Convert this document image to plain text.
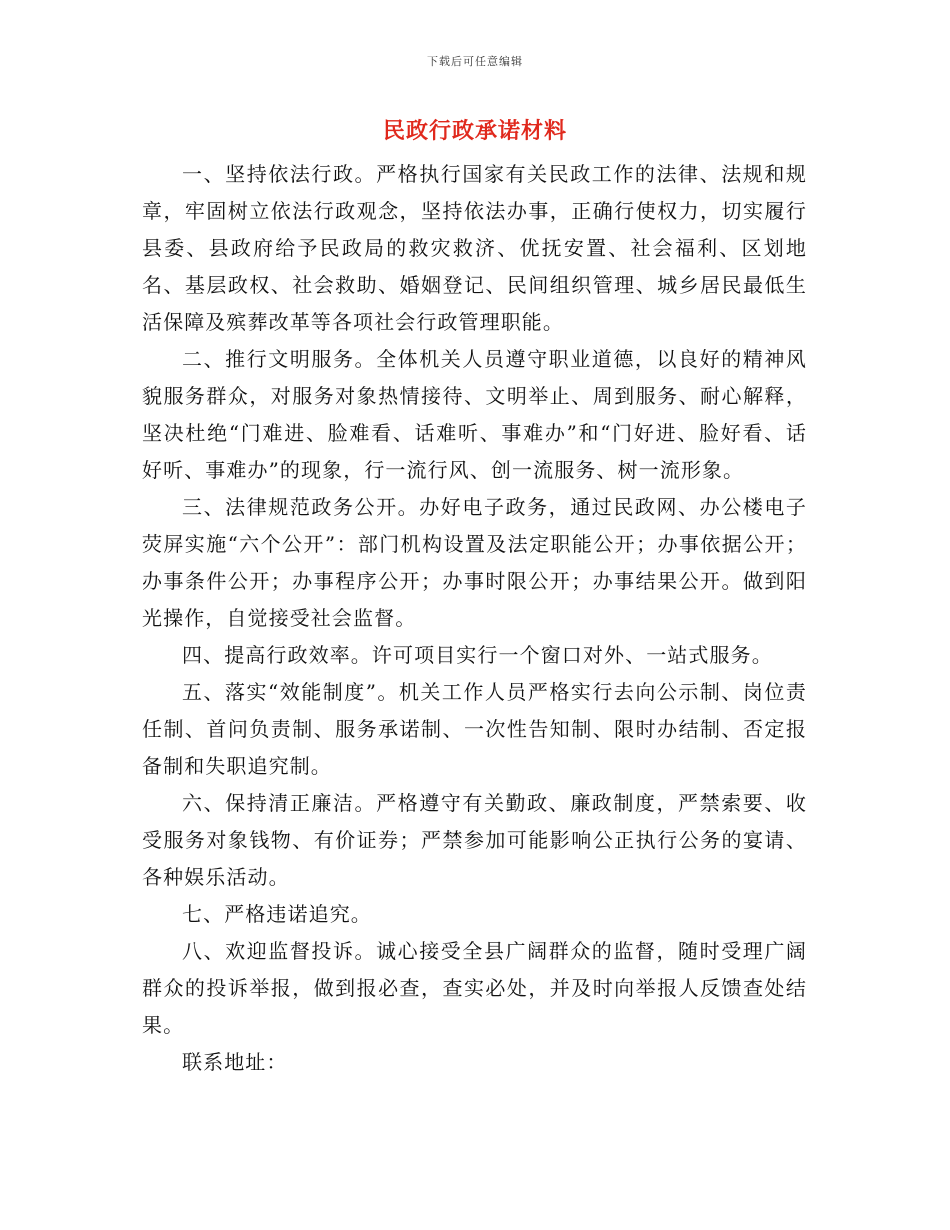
下载后可任意编辑
民政行政承诺材料

一、坚持依法行政。严格执行国家有关民政工作的法律、法规和规章，牢固树立依法行政观念，坚持依法办事，正确行使权力，切实履行县委、县政府给予民政局的救灾救济、优抚安置、社会福利、区划地名、基层政权、社会救助、婚姻登记、民间组织管理、城乡居民最低生活保障及殡葬改革等各项社会行政管理职能。

二、推行文明服务。全体机关人员遵守职业道德，以良好的精神风貌服务群众，对服务对象热情接待、文明举止、周到服务、耐心解释，坚决杜绝“门难进、脸难看、话难听、事难办”和“门好进、脸好看、话好听、事难办”的现象，行一流行风、创一流服务、树一流形象。

三、法律规范政务公开。办好电子政务，通过民政网、办公楼电子荧屏实施“六个公开”：部门机构设置及法定职能公开；办事依据公开；办事条件公开；办事程序公开；办事时限公开；办事结果公开。做到阳光操作，自觉接受社会监督。

四、提高行政效率。许可项目实行一个窗口对外、一站式服务。

五、落实“效能制度”。机关工作人员严格实行去向公示制、岗位责任制、首问负责制、服务承诺制、一次性告知制、限时办结制、否定报备制和失职追究制。

六、保持清正廉洁。严格遵守有关勤政、廉政制度，严禁索要、收受服务对象钱物、有价证券；严禁参加可能影响公正执行公务的宴请、各种娱乐活动。

七、严格违诺追究。

八、欢迎监督投诉。诚心接受全县广阔群众的监督，随时受理广阔群众的投诉举报，做到报必查，查实必处，并及时向举报人反馈查处结果。

联系地址：
